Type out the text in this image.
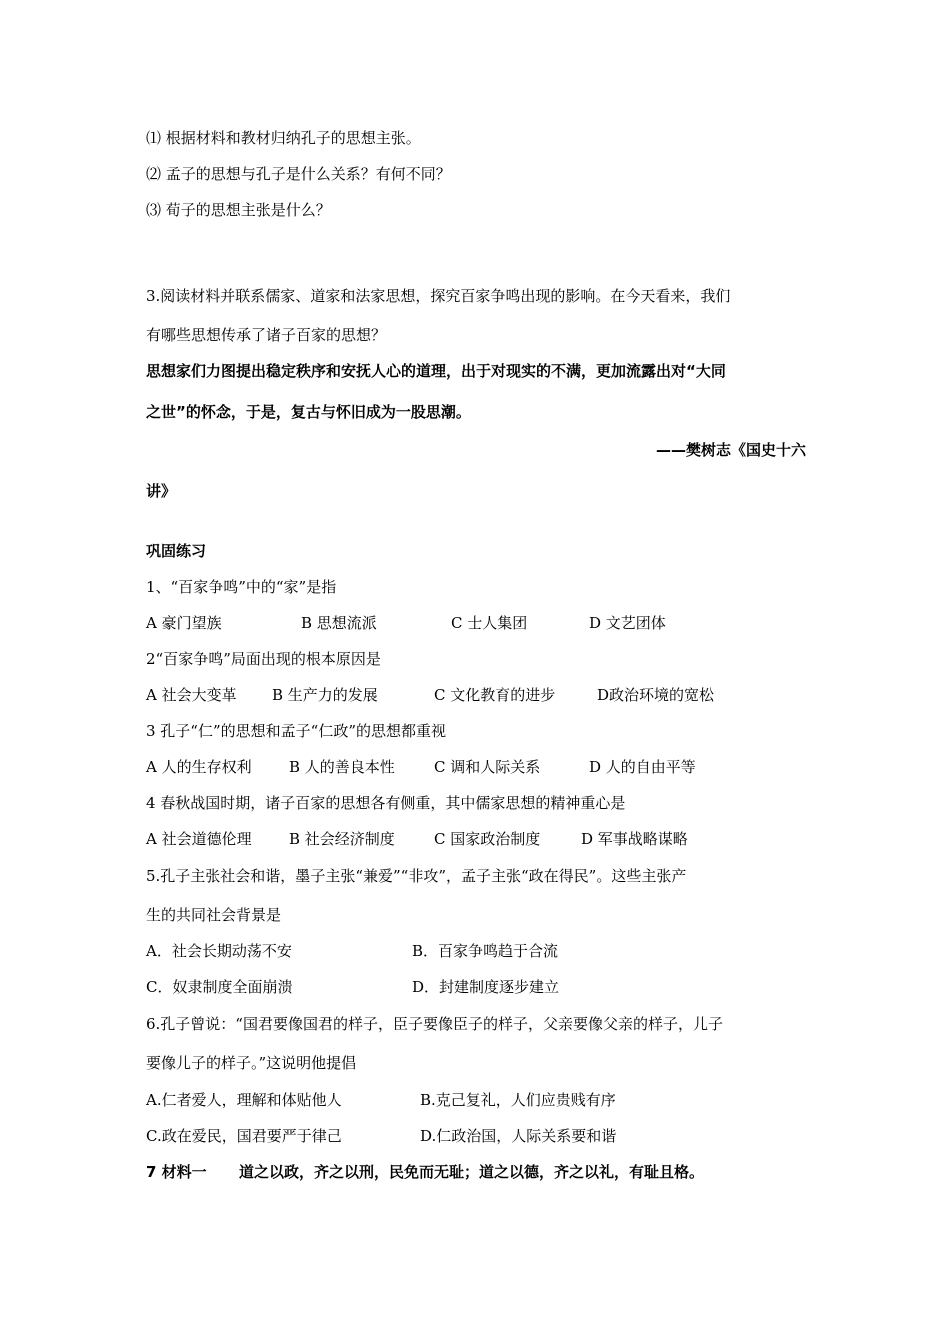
⑴ 根据材料和教材归纳孔子的思想主张。
⑵ 孟子的思想与孔子是什么关系？有何不同？
⑶ 荀子的思想主张是什么？
3.阅读材料并联系儒家、道家和法家思想，探究百家争鸣出现的影响。在今天看来，我们
有哪些思想传承了诸子百家的思想？
思想家们力图提出稳定秩序和安抚人心的道理，出于对现实的不满，更加流露出对“大同
之世”的怀念，于是，复古与怀旧成为一股思潮。
——樊树志《国史十六
讲》
巩固练习
1、“百家争鸣”中的“家”是指
A 豪门望族	B 思想流派	C 士人集团	D 文艺团体
2“百家争鸣”局面出现的根本原因是
A 社会大变革 B 生产力的发展	C 文化教育的进步	D政治环境的宽松
3 孔子“仁”的思想和孟子“仁政”的思想都重视
A 人的生存权利 B 人的善良本性	C 调和人际关系	D 人的自由平等
4 春秋战国时期，诸子百家的思想各有侧重，其中儒家思想的精神重心是
A 社会道德伦理 B 社会经济制度	C 国家政治制度	D 军事战略谋略
5.孔子主张社会和谐，墨子主张“兼爱”“非攻”，孟子主张“政在得民”。这些主张产
生的共同社会背景是
A．社会长期动荡不安	B．百家争鸣趋于合流
C．奴隶制度全面崩溃	D．封建制度逐步建立
6.孔子曾说：“国君要像国君的样子，臣子要像臣子的样子，父亲要像父亲的样子，儿子
要像儿子的样子。”这说明他提倡
A.仁者爱人，理解和体贴他人	B.克己复礼，人们应贵贱有序
C.政在爱民，国君要严于律己	D.仁政治国，人际关系要和谐
7 材料一 道之以政，齐之以刑，民免而无耻；道之以德，齐之以礼，有耻且格。
